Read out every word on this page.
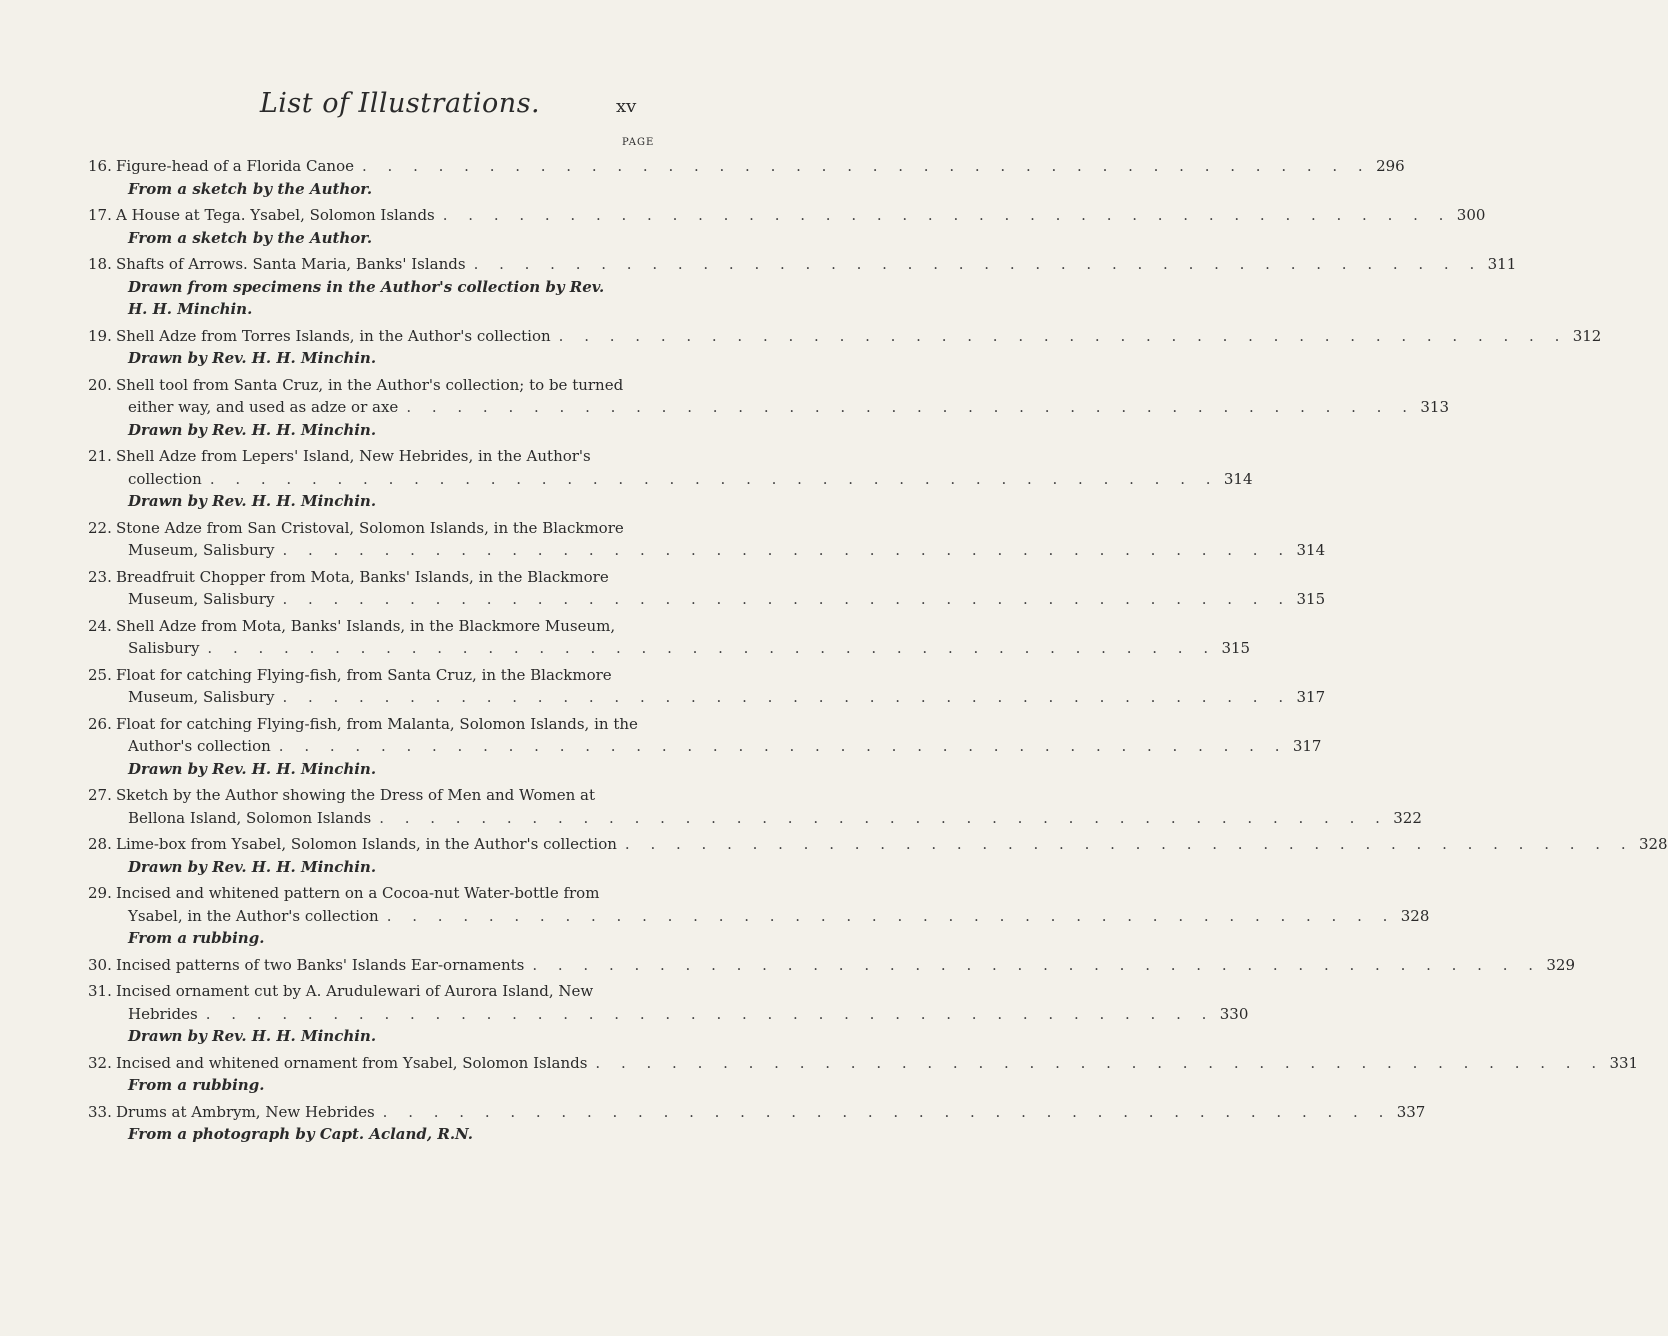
List of Illustrations.	xv
PAGE
16. Figure-head of a Florida Canoe . . . . . . . . . . . . . . . . . . . . . . . . . . . . . . . . . . . . . . . . 296
From a sketch by the Author.
17. A House at Tega. Ysabel, Solomon Islands . . . . . . . . . . . . . . . . . . . . . . . . . . . . . . . . . . . . . . . . 300
From a sketch by the Author.
18. Shafts of Arrows. Santa Maria, Banks' Islands . . . . . . . . . . . . . . . . . . . . . . . . . . . . . . . . . . . . . . . . 311
Drawn from specimens in the Author's collection by Rev.
H. H. Minchin.
19. Shell Adze from Torres Islands, in the Author's collection . . . . . . . . . . . . . . . . . . . . . . . . . . . . . . . . . . . . . . . . 312
Drawn by Rev. H. H. Minchin.
20. Shell tool from Santa Cruz, in the Author's collection; to be turned
either way, and used as adze or axe . . . . . . . . . . . . . . . . . . . . . . . . . . . . . . . . . . . . . . . . 313
Drawn by Rev. H. H. Minchin.
21. Shell Adze from Lepers' Island, New Hebrides, in the Author's
collection . . . . . . . . . . . . . . . . . . . . . . . . . . . . . . . . . . . . . . . . 314
Drawn by Rev. H. H. Minchin.
22. Stone Adze from San Cristoval, Solomon Islands, in the Blackmore
Museum, Salisbury . . . . . . . . . . . . . . . . . . . . . . . . . . . . . . . . . . . . . . . . 314
23. Breadfruit Chopper from Mota, Banks' Islands, in the Blackmore
Museum, Salisbury . . . . . . . . . . . . . . . . . . . . . . . . . . . . . . . . . . . . . . . . 315
24. Shell Adze from Mota, Banks' Islands, in the Blackmore Museum,
Salisbury . . . . . . . . . . . . . . . . . . . . . . . . . . . . . . . . . . . . . . . . 315
25. Float for catching Flying-fish, from Santa Cruz, in the Blackmore
Museum, Salisbury . . . . . . . . . . . . . . . . . . . . . . . . . . . . . . . . . . . . . . . . 317
26. Float for catching Flying-fish, from Malanta, Solomon Islands, in the
Author's collection . . . . . . . . . . . . . . . . . . . . . . . . . . . . . . . . . . . . . . . . 317
Drawn by Rev. H. H. Minchin.
27. Sketch by the Author showing the Dress of Men and Women at
Bellona Island, Solomon Islands . . . . . . . . . . . . . . . . . . . . . . . . . . . . . . . . . . . . . . . . 322
28. Lime-box from Ysabel, Solomon Islands, in the Author's collection . . . . . . . . . . . . . . . . . . . . . . . . . . . . . . . . . . . . . . . . 328
Drawn by Rev. H. H. Minchin.
29. Incised and whitened pattern on a Cocoa-nut Water-bottle from
Ysabel, in the Author's collection . . . . . . . . . . . . . . . . . . . . . . . . . . . . . . . . . . . . . . . . 328
From a rubbing.
30. Incised patterns of two Banks' Islands Ear-ornaments . . . . . . . . . . . . . . . . . . . . . . . . . . . . . . . . . . . . . . . . 329
31. Incised ornament cut by A. Arudulewari of Aurora Island, New
Hebrides . . . . . . . . . . . . . . . . . . . . . . . . . . . . . . . . . . . . . . . . 330
Drawn by Rev. H. H. Minchin.
32. Incised and whitened ornament from Ysabel, Solomon Islands . . . . . . . . . . . . . . . . . . . . . . . . . . . . . . . . . . . . . . . . 331
From a rubbing.
33. Drums at Ambrym, New Hebrides . . . . . . . . . . . . . . . . . . . . . . . . . . . . . . . . . . . . . . . . 337
From a photograph by Capt. Acland, R.N.
